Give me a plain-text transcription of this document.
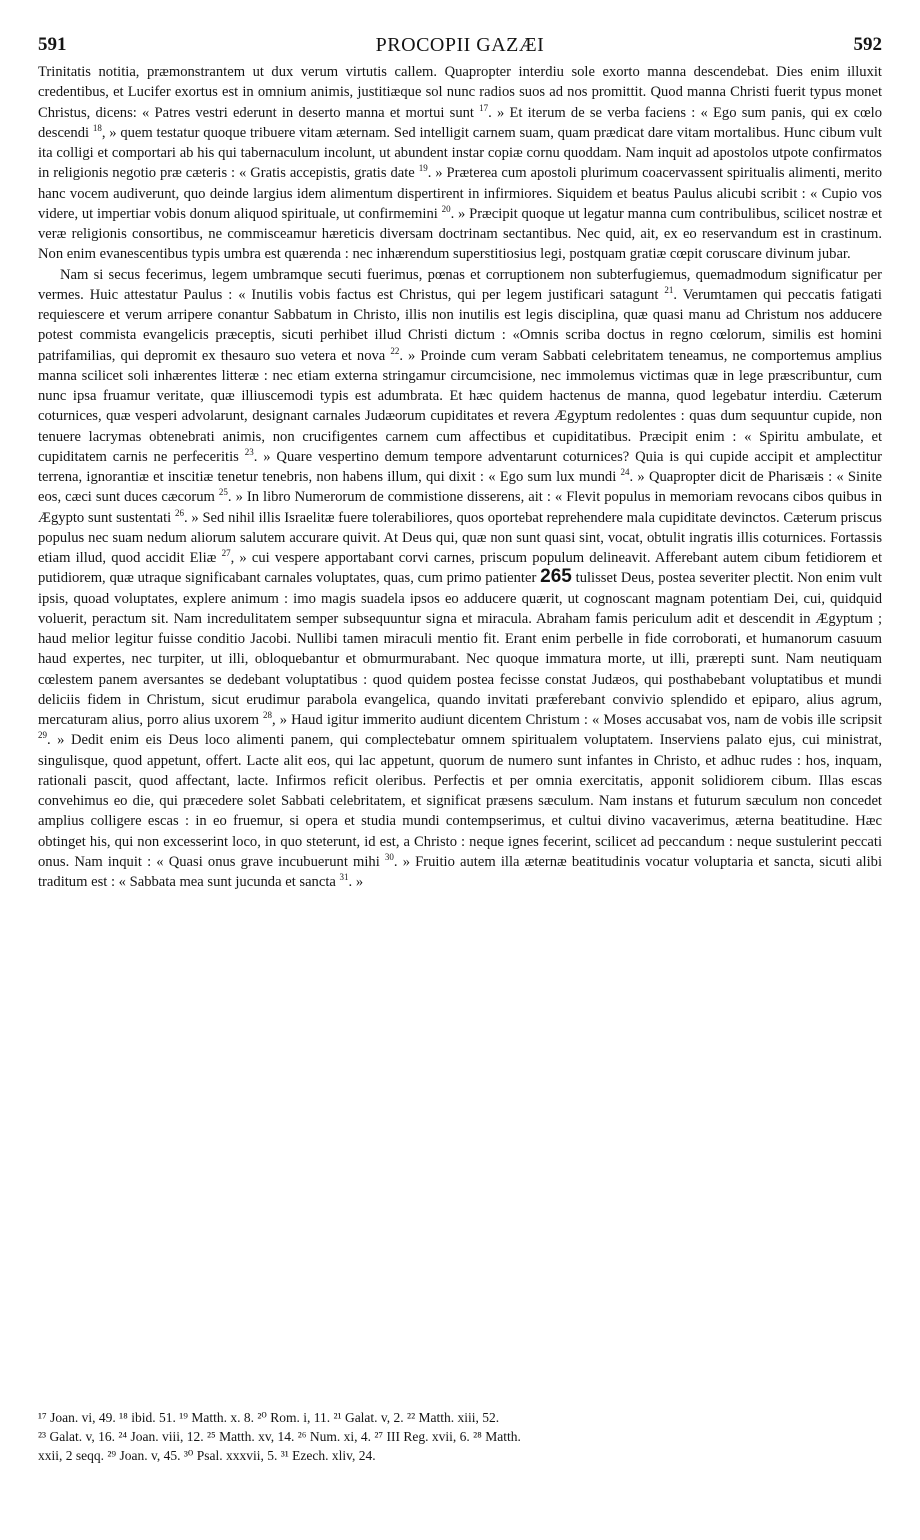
591	PROCOPII GAZÆI	592

Trinitatis notitia, præmonstrantem ut dux verum virtutis callem. Quapropter interdiu sole exorto manna descendebat. Dies enim illuxit credentibus, et Lucifer exortus est in omnium animis, justitiæque sol nunc radios suos ad nos promittit. Quod manna Christi fuerit typus monet Christus, dicens: « Patres vestri ederunt in deserto manna et mortui sunt $^{17}$. » Et iterum de se verba faciens : « Ego sum panis, qui ex cœlo descendi $^{18}$, » quem testatur quoque tribuere vitam æternam. Sed intelligit carnem suam, quam prædicat dare vitam mortalibus. Hunc cibum vult ita colligi et comportari ab his qui tabernaculum incolunt, ut abundent instar copiæ cornu quoddam. Nam inquit ad apostolos utpote confirmatos in religionis negotio præ cæteris : « Gratis accepistis, gratis date $^{19}$. » Præterea cum apostoli plurimum coacervassent spiritualis alimenti, merito hanc vocem audiverunt, quo deinde largius idem alimentum dispertirent in infirmiores. Siquidem et beatus Paulus alicubi scribit : « Cupio vos videre, ut impertiar vobis donum aliquod spirituale, ut confirmemini $^{20}$. » Præcipit quoque ut legatur manna cum contribulibus, scilicet nostræ et veræ religionis consortibus, ne commisceamur hæreticis diversam doctrinam sectantibus. Nec quid, ait, ex eo reservandum est in crastinum. Non enim evanescentibus typis umbra est quærenda : nec inhærendum superstitiosius legi, postquam gratiæ cœpit coruscare divinum jubar.

Nam si secus fecerimus, legem umbramque secuti fuerimus, pœnas et corruptionem non subterfugiemus, quemadmodum significatur per vermes. Huic attestatur Paulus : « Inutilis vobis factus est Christus, qui per legem justificari satagunt $^{21}$. Verumtamen qui peccatis fatigati requiescere et verum arripere conantur Sabbatum in Christo, illis non inutilis est legis disciplina, quæ quasi manu ad Christum nos adducere potest commista evangelicis præceptis, sicuti perhibet illud Christi dictum : «Omnis scriba doctus in regno cœlorum, similis est homini patrifamilias, qui depromit ex thesauro suo vetera et nova $^{22}$. » Proinde cum veram Sabbati celebritatem teneamus, ne comportemus amplius manna scilicet soli inhærentes litteræ : nec etiam externa stringamur circumcisione, nec immolemus victimas quæ in lege præscribuntur, cum nunc ipsa fruamur veritate, quæ illiuscemodi typis est adumbrata. Et hæc quidem hactenus de manna, quod legebatur interdiu. Cæterum coturnices, quæ vesperi advolarunt, designant carnales Judæorum cupiditates et revera Ægyptum redolentes : quas dum sequuntur cupide, non tenuere lacrymas obtenebrati animis, non crucifigentes carnem cum affectibus et cupiditatibus. Præcipit enim : « Spiritu ambulate, et cupiditatem carnis ne perfeceritis $^{23}$. » Quare vespertino demum tempore adventarunt coturnices? Quia is qui cupide accipit et amplectitur terrena, ignorantiæ et inscitiæ tenetur tenebris, non habens illum, qui dixit : « Ego sum lux mundi $^{24}$. » Quapropter dicit de Pharisæis : « Sinite eos, cæci sunt duces cæcorum $^{25}$. » In libro Numerorum de commistione disserens, ait : « Flevit populus in memoriam revocans cibos quibus in Ægypto sunt sustentati $^{26}$. » Sed nihil illis Israelitæ fuere tolerabiliores, quos oportebat reprehendere mala cupiditate devinctos. Cæterum priscus populus nec suam nedum aliorum salutem accurare quivit. At Deus qui, quæ non sunt quasi sint, vocat, obtulit ingratis illis coturnices. Fortassis etiam illud, quod accidit Eliæ $^{27}$, » cui vespere apportabant corvi carnes, priscum populum delineavit. Afferebant autem cibum fetidiorem et putidiorem, quæ utraque significabant carnales voluptates, quas, cum primo patienter 265 tulisset Deus, postea severiter plectit. Non enim vult ipsis, quoad voluptates, explere animum : imo magis suadela ipsos eo adducere quærit, ut cognoscant magnam potentiam Dei, cui, quidquid voluerit, peractum sit. Nam incredulitatem semper subsequuntur signa et miracula. Abraham famis periculum adit et descendit in Ægyptum ; haud melior legitur fuisse conditio Jacobi. Nullibi tamen miraculi mentio fit. Erant enim perbelle in fide corroborati, et humanorum casuum haud expertes, nec turpiter, ut illi, obloquebantur et obmurmurabant. Nec quoque immatura morte, ut illi, prærepti sunt. Nam neutiquam cœlestem panem aversantes se dedebant voluptatibus : quod quidem postea fecisse constat Judæos, qui posthabebant voluptatibus et mundi deliciis fidem in Christum, sicut erudimur parabola evangelica, quando invitati præferebant convivio splendido et epiparo, alius agrum, mercaturam alius, porro alius uxorem $^{28}$, » Haud igitur immerito audiunt dicentem Christum : « Moses accusabat vos, nam de vobis ille scripsit $^{29}$. » Dedit enim eis Deus loco alimenti panem, qui complectebatur omnem spiritualem voluptatem. Inserviens palato ejus, cui ministrat, singulisque, quod appetunt, offert. Lacte alit eos, qui lac appetunt, quorum de numero sunt infantes in Christo, et adhuc rudes : hos, inquam, rationali pascit, quod affectant, lacte. Infirmos reficit oleribus. Perfectis et per omnia exercitatis, apponit solidiorem cibum. Illas escas convehimus eo die, qui præcedere solet Sabbati celebritatem, et significat præsens sæculum. Nam instans et futurum sæculum non concedet amplius colligere escas : in eo fruemur, si opera et studia mundi contempserimus, et cultui divino vacaverimus, æterna beatitudine. Hæc obtinget his, qui non excesserint loco, in quo steterunt, id est, a Christo : neque ignes fecerint, scilicet ad peccandum : neque sustulerint peccati onus. Nam inquit : « Quasi onus grave incubuerunt mihi $^{30}$. » Fruitio autem illa æternæ beatitudinis vocatur voluptaria et sancta, sicuti alibi traditum est : « Sabbata mea sunt jucunda et sancta $^{31}$. »

¹⁷ Joan. vi, 49. ¹⁸ ibid. 51. ¹⁹ Matth. x. 8. ²⁰ Rom. i, 11. ²¹ Galat. v, 2. ²² Matth. xiii, 52.
²³ Galat. v, 16. ²⁴ Joan. viii, 12. ²⁵ Matth. xv, 14. ²⁶ Num. xi, 4. ²⁷ III Reg. xvii, 6. ²⁸ Matth.
xxii, 2 seqq. ²⁹ Joan. v, 45. ³⁰ Psal. xxxvii, 5. ³¹ Ezech. xliv, 24.
